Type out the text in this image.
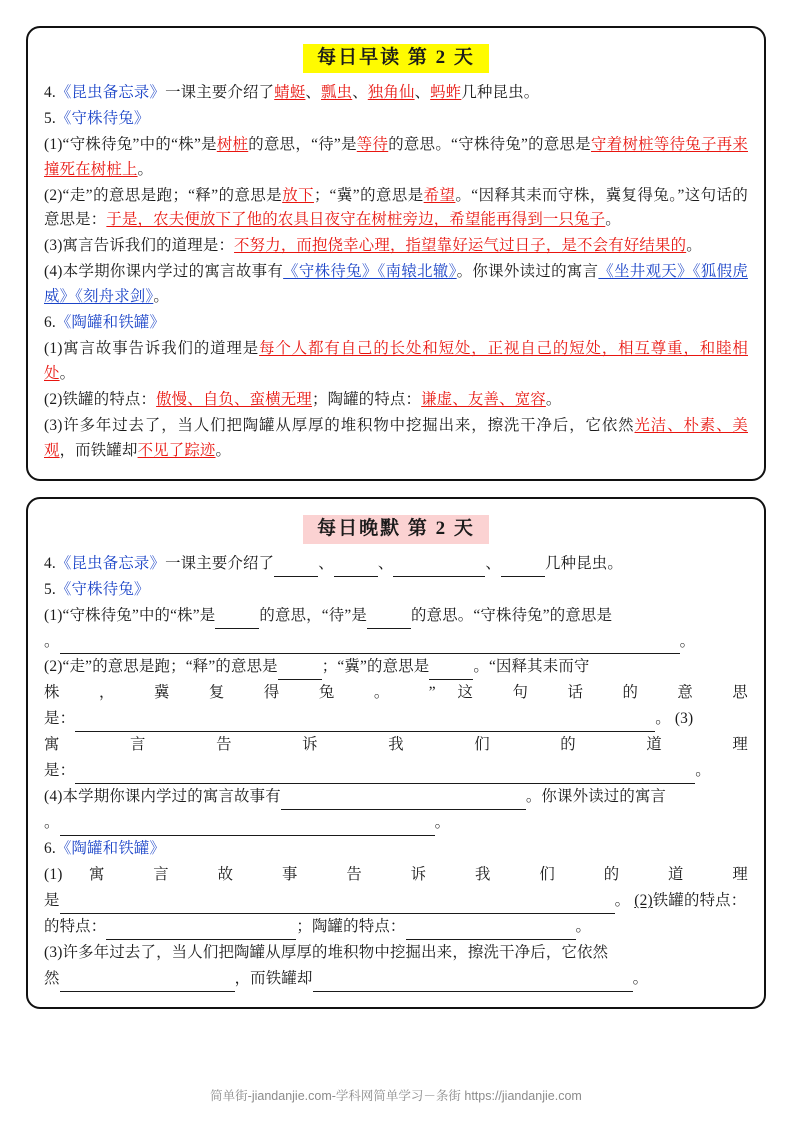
每日早读 第 2 天
4.《昆虫备忘录》一课主要介绍了蜻蜓、瓢虫、独角仙、蚂蚱几种昆虫。
5.《守株待兔》
(1)“守株待兔”中的“株”是树桩的意思，“待”是等待的意思。“守株待兔”的意思是守着树桩等待兔子再来撞死在树桩上。
(2)“走”的意思是跑；“释”的意思是放下；“冀”的意思是希望。“因释其耒而守株，冀复得兔。”这句话的意思是：于是，农夫便放下了他的农具日夜守在树桩旁边，希望能再得到一只兔子。
(3)寓言告诉我们的道理是：不努力，而抱侥幸心理，指望靠好运气过日子，是不会有好结果的。
(4)本学期你课内学过的寓言故事有《守株待兔》《南辕北辙》。你课外读过的寓言《坐井观天》《狐假虎威》《刻舟求剑》。
6.《陶罐和铁罐》
(1)寓言故事告诉我们的道理是每个人都有自己的长处和短处，正视自己的短处，相互尊重，和睦相处。
(2)铁罐的特点：傲慢、自负、蛮横无理；陶罐的特点：谦虚、友善、宽容。
(3)许多年过去了，当人们把陶罐从厚厚的堆积物中挖掘出来，擦洗干净后，它依然光洁、朴素、美观，而铁罐却不见了踪迹。
每日晚默 第 2 天
4.《昆虫备忘录》一课主要介绍了	、	、	、	几种昆虫。
5.《守株待兔》
(1)“守株待兔”中的“株”是	的意思，“待”是	的意思。“守株待兔”的意思是
。	。
(2)“走”的意思是跑；“释”的意思是	；“冀”的意思是	。“因释其耒而守
株 ， 冀 复 得 兔 。 ” 这 句 话 的 意 思
是：	。 (3)
寓 言 告 诉 我 们 的 道 理
是：	。
(4)本学期你课内学过的寓言故事有	。你课外读过的寓言
。	。
6.《陶罐和铁罐》
(1) 寓 言 故 事 告 诉 我 们 的 道 理
是	。 (2)铁罐的特点：
的特点：	；陶罐的特点：	。
(3)许多年过去了，当人们把陶罐从厚厚的堆积物中挖掘出来，擦洗干净后，它依然
然	，而铁罐却	。
简单街-jiandanjie.com-学科网简单学习－条街 https://jiandanjie.com
